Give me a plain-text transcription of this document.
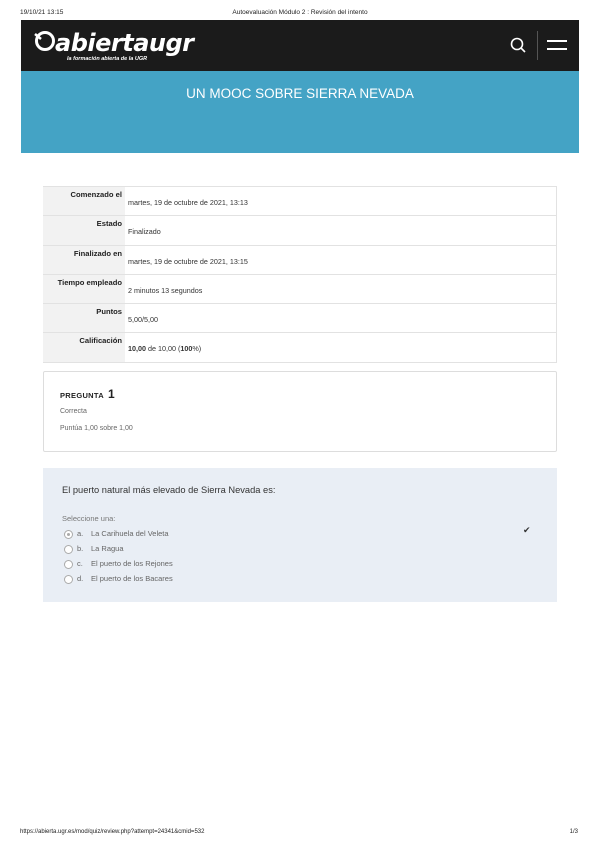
19/10/21 13:15	Autoevaluación Módulo 2 : Revisión del intento
abiertaugr
la formación abierta de la UGR
UN MOOC SOBRE SIERRA NEVADA
Comenzado el	martes, 19 de octubre de 2021, 13:13
Estado	Finalizado
Finalizado en	martes, 19 de octubre de 2021, 13:15
Tiempo empleado	2 minutos 13 segundos
Puntos	5,00/5,00
Calificación	10,00 de 10,00 (100%)
PREGUNTA 1
Correcta
Puntúa 1,00 sobre 1,00
El puerto natural más elevado de Sierra Nevada es:
Seleccione una:
a. La Carihuela del Veleta
b. La Ragua
c. El puerto de los Rejones
d. El puerto de los Bacares
✔
https://abierta.ugr.es/mod/quiz/review.php?attempt=24341&cmid=532	1/3
